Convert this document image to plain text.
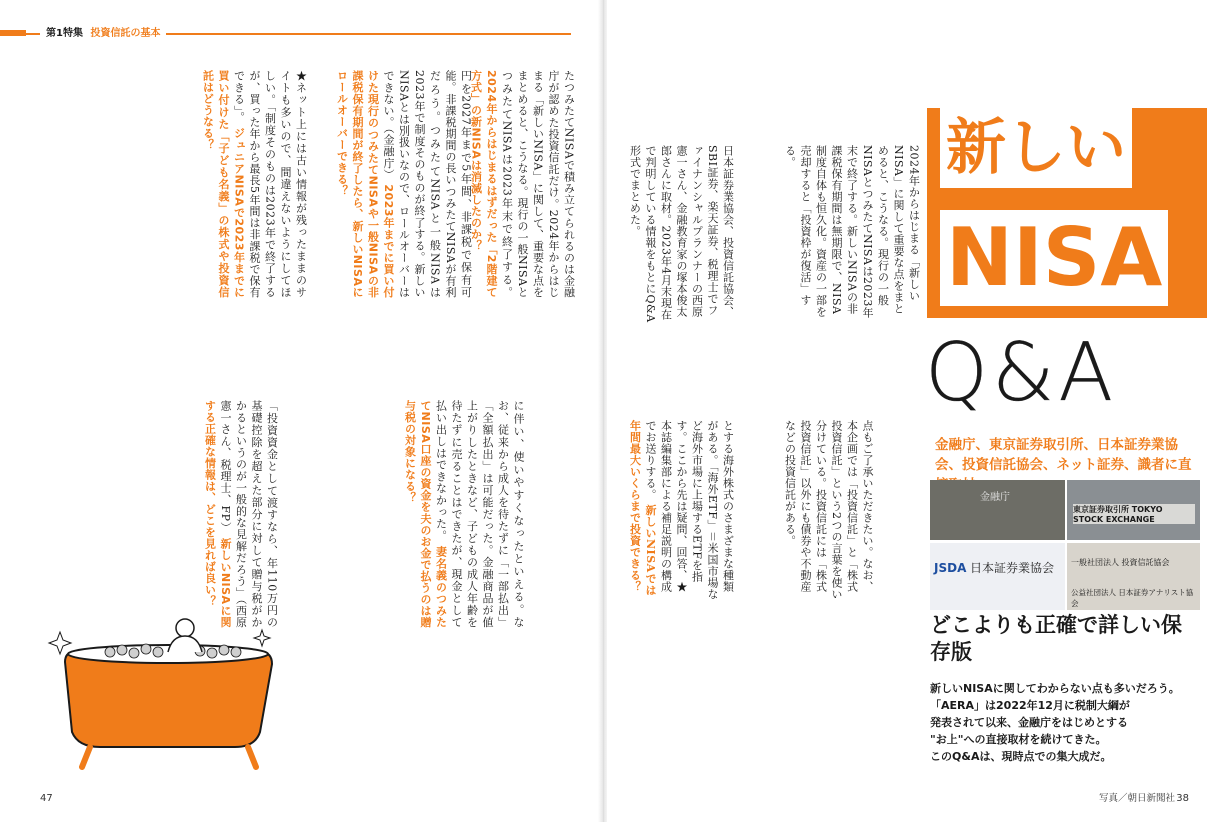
第1特集 投資信託の基本

たつみたてNISAで積み立てられるのは金融庁が認めた投資信託だけ。2024年からはじまる「新しいNISA」に関して、重要な点をまとめると、こうなる。現行の一般NISAとつみたてNISAは2023年末で終了する。 2024年からはじまるはずだった「2階建て方式」の新NISAは消滅したのか？

円を2027年まで5年間、非課税で保有可能。非課税期間の長いつみたてNISAが有利だろう。つみたてNISAと一般NISAは2023年で制度そのものが終了する。新しいNISAとは別扱いなので、ロールオーバーはできない。（金融庁） 2023年までに買い付けた現行のつみたてNISAや一般NISAの非課税保有期間が終了したら、新しいNISAにロールオーバーできる？

★ネット上には古い情報が残ったままのサイトも多いので、間違えないようにしてほしい。「制度そのものは2023年で終了するが、買った年から最長5年間は非課税で保有できる」。 ジュニアNISAで2023年までに買い付けた「子ども名義」の株式や投資信託はどうなる？

に伴い、使いやすくなったといえる。なお、従来から成人を待たずに「一部払出」「全額払出」は可能だった。金融商品が値上がりしたときなど、子どもの成人年齢を待たずに売ることはできたが、現金として払い出しはできなかった。 妻名義のつみたてNISA口座の資金を夫のお金で払うのは贈与税の対象になる？

「投資資金として渡すなら、年110万円の基礎控除を超えた部分に対して贈与税がかかるというのが一般的な見解だろう」（西原憲一さん、税理士、FP） 新しいNISAに関する正確な情報は、どこを見れば良い？

47

2024年からはじまる「新しいNISA」に関して重要な点をまとめると、こうなる。現行の一般NISAとつみたてNISAは2023年末で終了する。新しいNISAの非課税保有期間は無期限で、NISA制度自体も恒久化。資産の一部を売却すると「投資枠が復活」する。

日本証券業協会、投資信託協会、SBI証券、楽天証券、税理士でファイナンシャルプランナーの西原憲一さん、金融教育家の塚本俊太郎さんに取材。2023年4月末現在で判明している情報をもとにQ&A形式でまとめた。

点もご了承いただきたい。なお、本企画では「投資信託」と「株式投資信託」という2つの言葉を使い分けている。投資信託には「株式投資信託」以外にも債券や不動産などの投資信託がある。

とする海外株式のさまざまな種類がある。「海外ETF」＝米国市場など海外市場に上場するETFを指す。ここから先は疑問、回答、★本誌編集部による補足説明の構成でお送りする。 新しいNISAでは年間最大いくらまで投資できる？

38
新しい
NISA
Q&A
金融庁、東京証券取引所、日本証券業協会、投資信託協会、ネット証券、識者に直
金融庁
東京証券取引所 TOKYO STOCK EXCHANGE
JSDA 日本証券業協会 一般社団法人 投資信託協会
公益社団法人 日本証券アナリスト協会
どこよりも正確で詳しい保存版
新しいNISAに関してわからない点も多いだろう。
「AERA」は2022年12月に税制大綱が
発表されて以来、金融庁をはじめとする
"お上"への直接取材を続けてきた。
このQ&Aは、現時点での集大成だ。
写真／朝日新聞社
